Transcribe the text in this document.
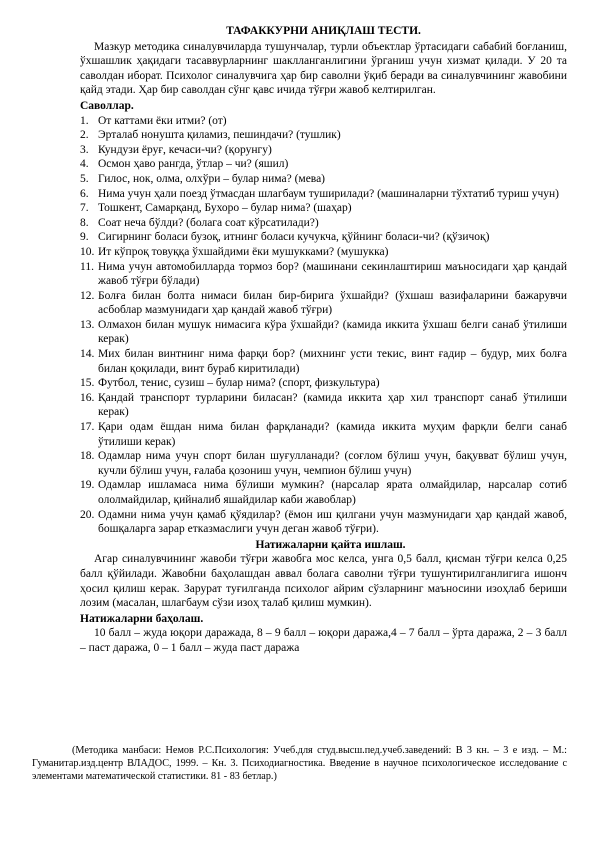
ТАФАККУРНИ АНИҚЛАШ ТЕСТИ.

Мазкур методика синалувчиларда тушунчалар, турли объектлар ўртасидаги сабабий боғланиш, ўхшашлик ҳақидаги тасаввурларнинг шаклланганлигини ўрганиш учун хизмат қилади. У 20 та саволдан иборат. Психолог синалувчига ҳар бир саволни ўқиб беради ва синалувчининг жавобини қайд этади. Ҳар бир саволдан сўнг қавс ичида тўғри жавоб келтирилган.

Саволлар.
1. От каттами ёки итми? (от)
2. Эрталаб нонушта қиламиз, пешиндачи? (тушлик)
3. Кундузи ёруғ, кечаси-чи? (қорунгу)
4. Осмон ҳаво рангда, ўтлар – чи? (яшил)
5. Гилос, нок, олма, олхўри – булар нима? (мева)
6. Нима учун ҳали поезд ўтмасдан шлагбаум туширилади? (машиналарни тўхтатиб туриш учун)
7. Тошкент, Самарқанд, Бухоро – булар нима? (шаҳар)
8. Соат неча бўлди? (болага соат кўрсатилади?)
9. Сигирнинг боласи бузоқ, итнинг боласи кучукча, қўйнинг боласи-чи? (қўзичоқ)
10. Ит кўпроқ товуққа ўхшайдими ёки мушукками? (мушукка)
11. Нима учун автомобилларда тормоз бор? (машинани секинлаштириш маъносидаги ҳар қандай жавоб тўғри бўлади)
12. Болға билан болта нимаси билан бир-бирига ўхшайди? (ўхшаш вазифаларини бажарувчи асбоблар мазмунидаги ҳар қандай жавоб тўғри)
13. Олмахон билан мушук нимасига кўра ўхшайди? (камида иккита ўхшаш белги санаб ўтилиши керак)
14. Мих билан винтнинг нима фарқи бор? (михнинг усти текис, винт ғадир – будур, мих болға билан қоқилади, винт бураб киритилади)
15. Футбол, тенис, сузиш – булар нима? (спорт, физкультура)
16. Қандай транспорт турларини биласан? (камида иккита ҳар хил транспорт санаб ўтилиши керак)
17. Қари одам ёшдан нима билан фарқланади? (камида иккита муҳим фарқли белги санаб ўтилиши керак)
18. Одамлар нима учун спорт билан шуғулланади? (соғлом бўлиш учун, бақувват бўлиш учун, кучли бўлиш учун, ғалаба қозониш учун, чемпион бўлиш учун)
19. Одамлар ишламаса нима бўлиши мумкин? (нарсалар ярата олмайдилар, нарсалар сотиб ололмайдилар, қийналиб яшайдилар каби жавоблар)
20. Одамни нима учун қамаб қўядилар? (ёмон иш қилгани учун мазмунидаги ҳар қандай жавоб, бошқаларга зарар етказмаслиги учун деган жавоб тўғри).
Натижаларни қайта ишлаш.

Агар синалувчининг жавоби тўғри жавобга мос келса, унга 0,5 балл, қисман тўғри келса 0,25 балл қўйилади. Жавобни баҳолашдан аввал болага саволни тўғри тушунтирилганлигига ишонч ҳосил қилиш керак. Зарурат туғилганда психолог айрим сўзларнинг маъносини изоҳлаб бериши лозим (масалан, шлагбаум сўзи изоҳ талаб қилиш мумкин).

Натижаларни баҳолаш.

10 балл – жуда юқори даражада, 8 – 9 балл – юқори даража,4 – 7 балл – ўрта даража, 2 – 3 балл – паст даража, 0 – 1 балл – жуда паст даража

(Методика манбаси: Немов Р.С.Психология: Учеб.для студ.высш.пед.учеб.заведений: В 3 кн. – 3 е изд. – М.: Гуманитар.изд.центр ВЛАДОС, 1999. – Кн. 3. Психодиагностика. Введение в научное психологическое исследование с элементами математической статистики. 81 - 83 бетлар.)
